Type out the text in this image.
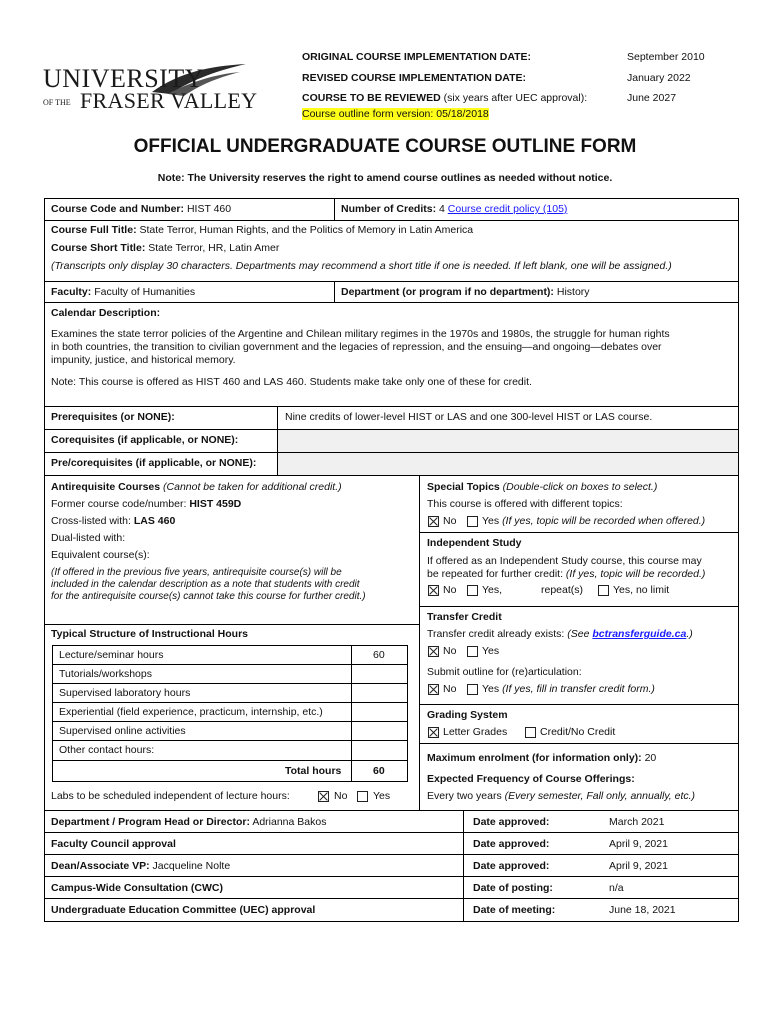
UNIVERSITY
OF THE FRASER VALLEY
ORIGINAL COURSE IMPLEMENTATION DATE:	September 2010
REVISED COURSE IMPLEMENTATION DATE:	January 2022
COURSE TO BE REVIEWED (six years after UEC approval):	June 2027
Course outline form version: 05/18/2018
OFFICIAL UNDERGRADUATE COURSE OUTLINE FORM
Note: The University reserves the right to amend course outlines as needed without notice.
Course Code and Number: HIST 460	Number of Credits: 4 Course credit policy (105)
Course Full Title: State Terror, Human Rights, and the Politics of Memory in Latin America
Course Short Title: State Terror, HR, Latin Amer
(Transcripts only display 30 characters. Departments may recommend a short title if one is needed. If left blank, one will be assigned.)
Faculty: Faculty of Humanities	Department (or program if no department): History
Calendar Description:
Examines the state terror policies of the Argentine and Chilean military regimes in the 1970s and 1980s, the struggle for human rights
in both countries, the transition to civilian government and the legacies of repression, and the ensuing—and ongoing—debates over
impunity, justice, and historical memory.
Note: This course is offered as HIST 460 and LAS 460. Students make take only one of these for credit.
Prerequisites (or NONE):	Nine credits of lower-level HIST or LAS and one 300-level HIST or LAS course.
Corequisites (if applicable, or NONE):
Pre/corequisites (if applicable, or NONE):
Antirequisite Courses (Cannot be taken for additional credit.)
Former course code/number: HIST 459D
Cross-listed with: LAS 460
Dual-listed with:
Equivalent course(s):
(If offered in the previous five years, antirequisite course(s) will be
included in the calendar description as a note that students with credit
for the antirequisite course(s) cannot take this course for further credit.)
Typical Structure of Instructional Hours
Lecture/seminar hours	60
Tutorials/workshops
Supervised laboratory hours
Experiential (field experience, practicum, internship, etc.)
Supervised online activities
Other contact hours:
Total hours	60
Labs to be scheduled independent of lecture hours:	No Yes
Special Topics (Double-click on boxes to select.)
This course is offered with different topics:
No Yes (If yes, topic will be recorded when offered.)
Independent Study
If offered as an Independent Study course, this course may
be repeated for further credit: (If yes, topic will be recorded.)
No Yes,	repeat(s)	Yes, no limit
Transfer Credit
Transfer credit already exists: (See bctransferguide.ca.)
No Yes
Submit outline for (re)articulation:
No Yes (If yes, fill in transfer credit form.)
Grading System
Letter Grades	Credit/No Credit
Maximum enrolment (for information only): 20
Expected Frequency of Course Offerings:
Every two years (Every semester, Fall only, annually, etc.)
Department / Program Head or Director: Adrianna Bakos	Date approved:	March 2021
Faculty Council approval	Date approved:	April 9, 2021
Dean/Associate VP: Jacqueline Nolte	Date approved:	April 9, 2021
Campus-Wide Consultation (CWC)	Date of posting:	n/a
Undergraduate Education Committee (UEC) approval	Date of meeting:	June 18, 2021
